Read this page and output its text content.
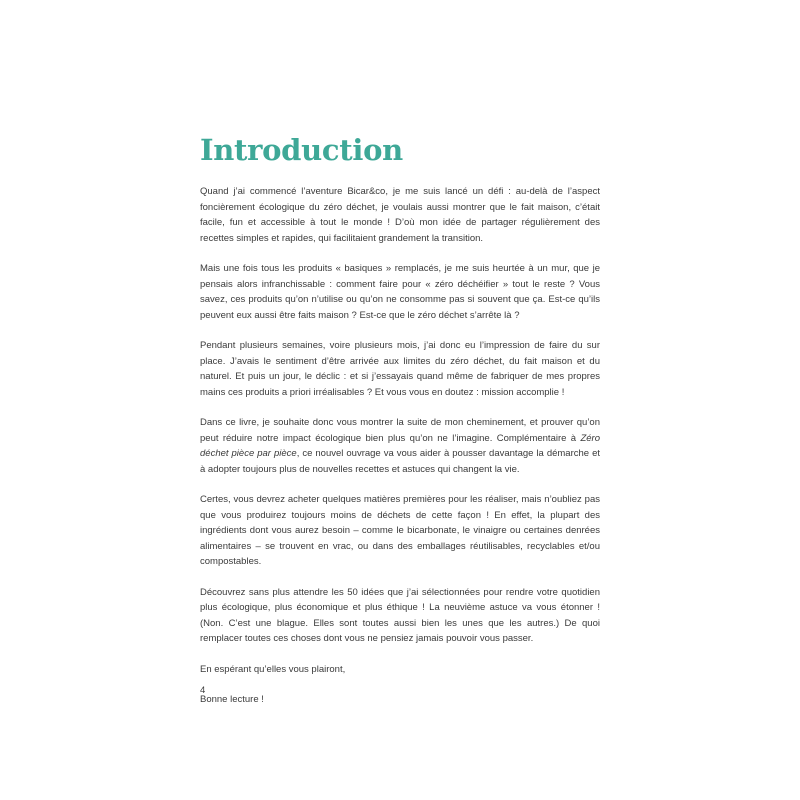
Introduction

Quand j’ai commencé l’aventure Bicar&co, je me suis lancé un défi : au-delà de l’aspect foncièrement écologique du zéro déchet, je voulais aussi montrer que le fait maison, c’était facile, fun et accessible à tout le monde ! D’où mon idée de partager régulièrement des recettes simples et rapides, qui facilitaient grandement la transition.

Mais une fois tous les produits « basiques » remplacés, je me suis heurtée à un mur, que je pensais alors infranchissable : comment faire pour « zéro déchéifier » tout le reste ? Vous savez, ces produits qu’on n’utilise ou qu’on ne consomme pas si souvent que ça. Est-ce qu’ils peuvent eux aussi être faits maison ? Est-ce que le zéro déchet s’arrête là ?

Pendant plusieurs semaines, voire plusieurs mois, j’ai donc eu l’impression de faire du sur place. J’avais le sentiment d’être arrivée aux limites du zéro déchet, du fait maison et du naturel. Et puis un jour, le déclic : et si j’essayais quand même de fabriquer de mes propres mains ces produits a priori irréalisables ? Et vous vous en doutez : mission accomplie !

Dans ce livre, je souhaite donc vous montrer la suite de mon cheminement, et prouver qu’on peut réduire notre impact écologique bien plus qu’on ne l’imagine. Complémentaire à Zéro déchet pièce par pièce, ce nouvel ouvrage va vous aider à pousser davantage la démarche et à adopter toujours plus de nouvelles recettes et astuces qui changent la vie.

Certes, vous devrez acheter quelques matières premières pour les réaliser, mais n’oubliez pas que vous produirez toujours moins de déchets de cette façon ! En effet, la plupart des ingrédients dont vous aurez besoin – comme le bicarbonate, le vinaigre ou certaines denrées alimentaires – se trouvent en vrac, ou dans des emballages réutilisables, recyclables et/ou compostables.

Découvrez sans plus attendre les 50 idées que j’ai sélectionnées pour rendre votre quotidien plus écologique, plus économique et plus éthique ! La neuvième astuce va vous étonner ! (Non. C’est une blague. Elles sont toutes aussi bien les unes que les autres.) De quoi remplacer toutes ces choses dont vous ne pensiez jamais pouvoir vous passer.

En espérant qu’elles vous plairont,

Bonne lecture !

4
